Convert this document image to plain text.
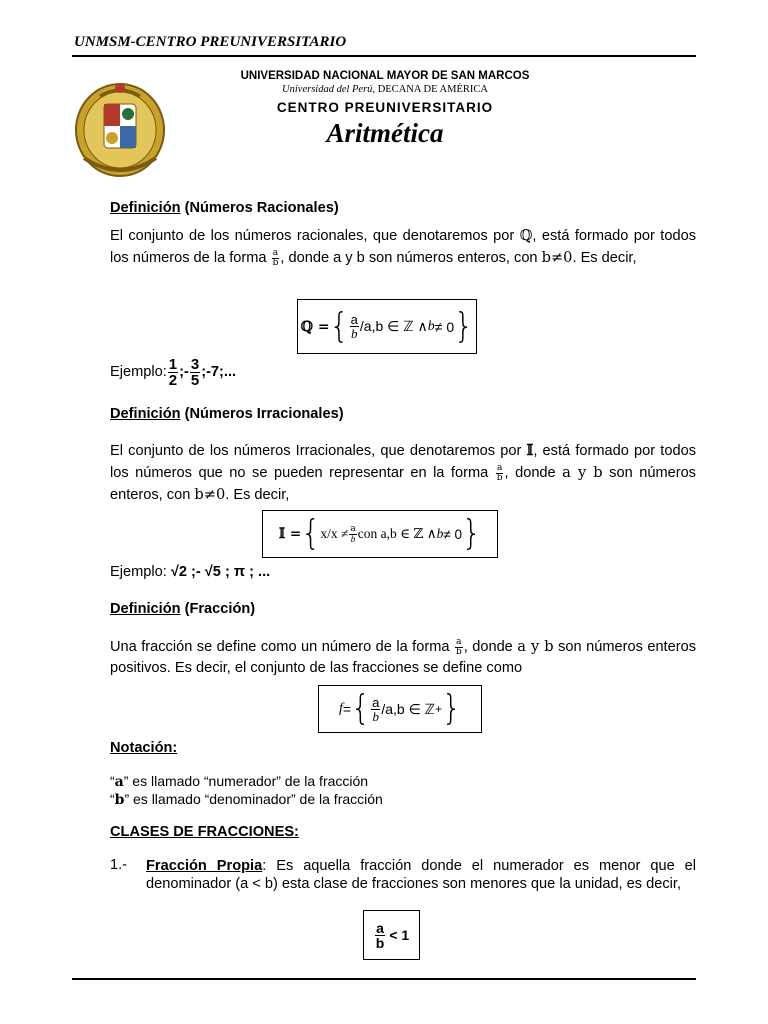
UNMSM-CENTRO PREUNIVERSITARIO
UNIVERSIDAD NACIONAL MAYOR DE SAN MARCOS
Universidad del Perú, DECANA DE AMÉRICA
CENTRO PREUNIVERSITARIO
Aritmética
Definición (Números Racionales)
El conjunto de los números racionales, que denotaremos por ℚ, está formado por todos los números de la forma $\frac{a}{b}$ , donde a y b son números enteros, con b≠0. Es decir,
ℚ = { $\frac{a}{b} /a,b$ ∈ ℤ ∧ b ≠ 0 }
Ejemplo: $\frac{1}{2}$ ;- $\frac{3}{5}$ ;-7;...
Definición (Números Irracionales)
El conjunto de los números Irracionales, que denotaremos por 𝕀, está formado por todos los números que no se pueden representar en la forma $\frac{a}{b}$ , donde a y b son números enteros, con b≠0. Es decir,
𝕀 = { $x/x \ne \frac{a}{b}$ con a,b ∈ ℤ ∧ b ≠ 0 }
Ejemplo: √2 ;- √5 ; π ; ...
Definición (Fracción)
Una fracción se define como un número de la forma $\frac{a}{b}$ , donde a y b son números enteros positivos. Es decir, el conjunto de las fracciones se define como
f = { $\frac{a}{b} /a,b$ ∈ ℤ + }
Notación:
“a” es llamado “numerador” de la fracción
“b” es llamado “denominador” de la fracción
CLASES DE FRACCIONES:
1.- Fracción Propia: Es aquella fracción donde el numerador es menor que el denominador (a < b) esta clase de fracciones son menores que la unidad, es decir,
$\frac{a}{b} < 1$
